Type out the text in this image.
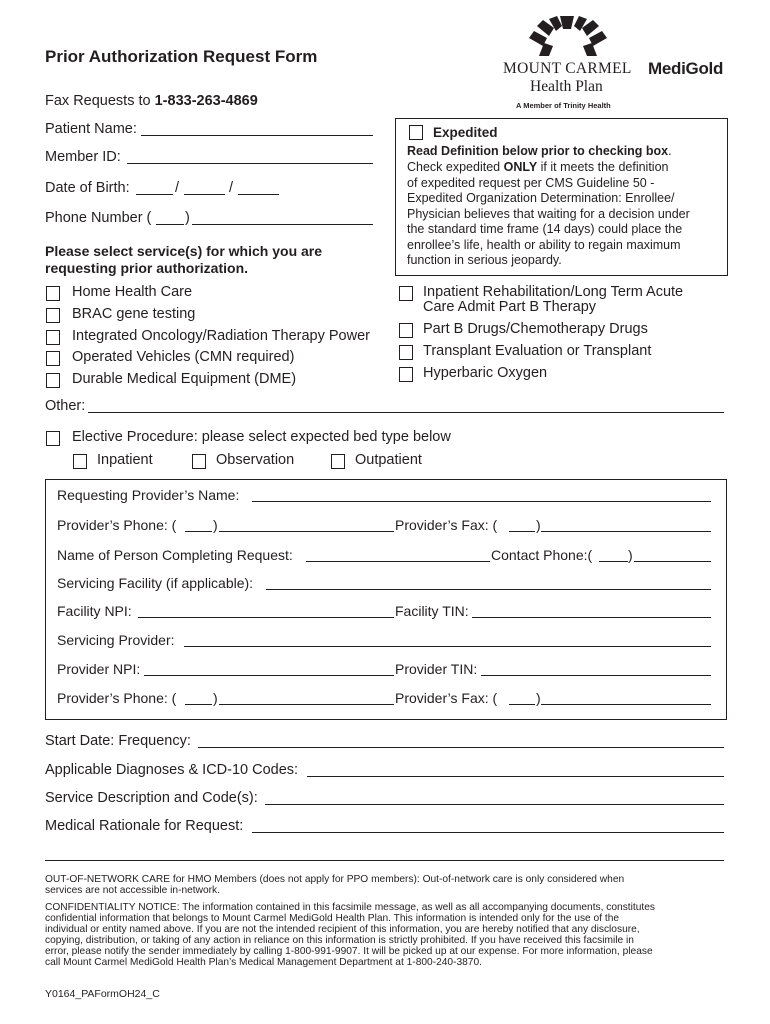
Prior Authorization Request Form
Fax Requests to 1-833-263-4869
MOUNT CARMEL
Health Plan
MediGold
A Member of Trinity Health
Patient Name:
Member ID:
Date of Birth:	/	/
Phone Number ( )
Expedited
Read Definition below prior to checking box.
Check expedited ONLY if it meets the definition
of expedited request per CMS Guideline 50 -
Expedited Organization Determination: Enrollee/
Physician believes that waiting for a decision under
the standard time frame (14 days) could place the
enrollee’s life, health or ability to regain maximum
function in serious jeopardy.
Please select service(s) for which you are
requesting prior authorization.
Home Health Care
BRAC gene testing
Integrated Oncology/Radiation Therapy Power
Operated Vehicles (CMN required)
Durable Medical Equipment (DME)
Inpatient Rehabilitation/Long Term Acute
Care Admit Part B Therapy
Part B Drugs/Chemotherapy Drugs
Transplant Evaluation or Transplant
Hyperbaric Oxygen
Other:
Elective Procedure: please select expected bed type below
Inpatient	Observation	Outpatient
Requesting Provider’s Name:
Provider’s Phone: (	)	Provider’s Fax: (	)
Name of Person Completing Request:	Contact Phone:(	)
Servicing Facility (if applicable):
Facility NPI:	Facility TIN:
Servicing Provider:
Provider NPI:	Provider TIN:
Provider’s Phone: (	)	Provider’s Fax: (	)
Start Date: Frequency:
Applicable Diagnoses & ICD-10 Codes:
Service Description and Code(s):
Medical Rationale for Request:
OUT-OF-NETWORK CARE for HMO Members (does not apply for PPO members): Out-of-network care is only considered when
services are not accessible in-network.
CONFIDENTIALITY NOTICE: The information contained in this facsimile message, as well as all accompanying documents, constitutes
confidential information that belongs to Mount Carmel MediGold Health Plan. This information is intended only for the use of the
individual or entity named above. If you are not the intended recipient of this information, you are hereby notified that any disclosure,
copying, distribution, or taking of any action in reliance on this information is strictly prohibited. If you have received this facsimile in
error, please notify the sender immediately by calling 1-800-991-9907. It will be picked up at our expense. For more information, please
call Mount Carmel MediGold Health Plan’s Medical Management Department at 1-800-240-3870.
Y0164_PAFormOH24_C
